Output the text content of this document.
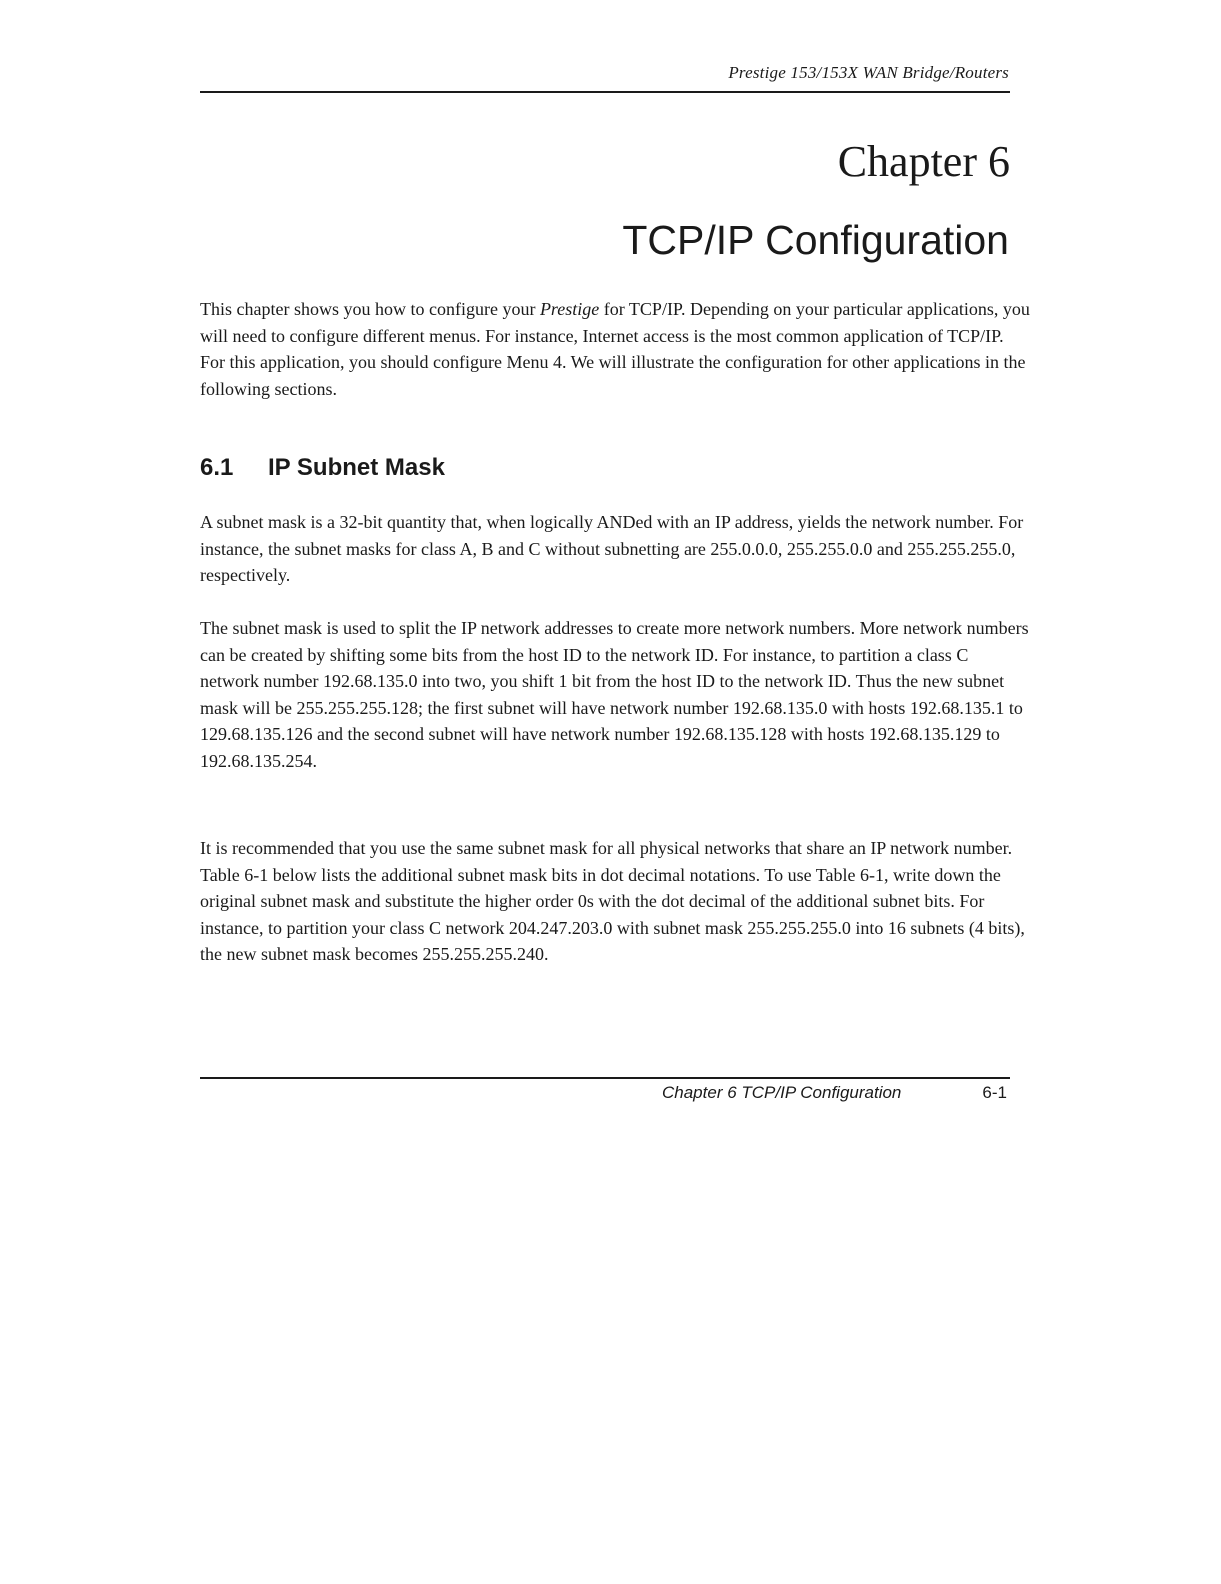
Prestige 153/153X WAN Bridge/Routers
Chapter 6
TCP/IP Configuration

This chapter shows you how to configure your Prestige for TCP/IP. Depending on your particular applications, you will need to configure different menus. For instance, Internet access is the most common application of TCP/IP. For this application, you should configure Menu 4. We will illustrate the configuration for other applications in the following sections.

6.1 IP Subnet Mask

A subnet mask is a 32-bit quantity that, when logically ANDed with an IP address, yields the network number. For instance, the subnet masks for class A, B and C without subnetting are 255.0.0.0, 255.255.0.0 and 255.255.255.0, respectively.

The subnet mask is used to split the IP network addresses to create more network numbers. More network numbers can be created by shifting some bits from the host ID to the network ID. For instance, to partition a class C network number 192.68.135.0 into two, you shift 1 bit from the host ID to the network ID. Thus the new subnet mask will be 255.255.255.128; the first subnet will have network number 192.68.135.0 with hosts 192.68.135.1 to 129.68.135.126 and the second subnet will have network number 192.68.135.128 with hosts 192.68.135.129 to 192.68.135.254.

It is recommended that you use the same subnet mask for all physical networks that share an IP network number. Table 6-1 below lists the additional subnet mask bits in dot decimal notations. To use Table 6-1, write down the original subnet mask and substitute the higher order 0s with the dot decimal of the additional subnet bits. For instance, to partition your class C network 204.247.203.0 with subnet mask 255.255.255.0 into 16 subnets (4 bits), the new subnet mask becomes 255.255.255.240.

Chapter 6 TCP/IP Configuration	6-1
